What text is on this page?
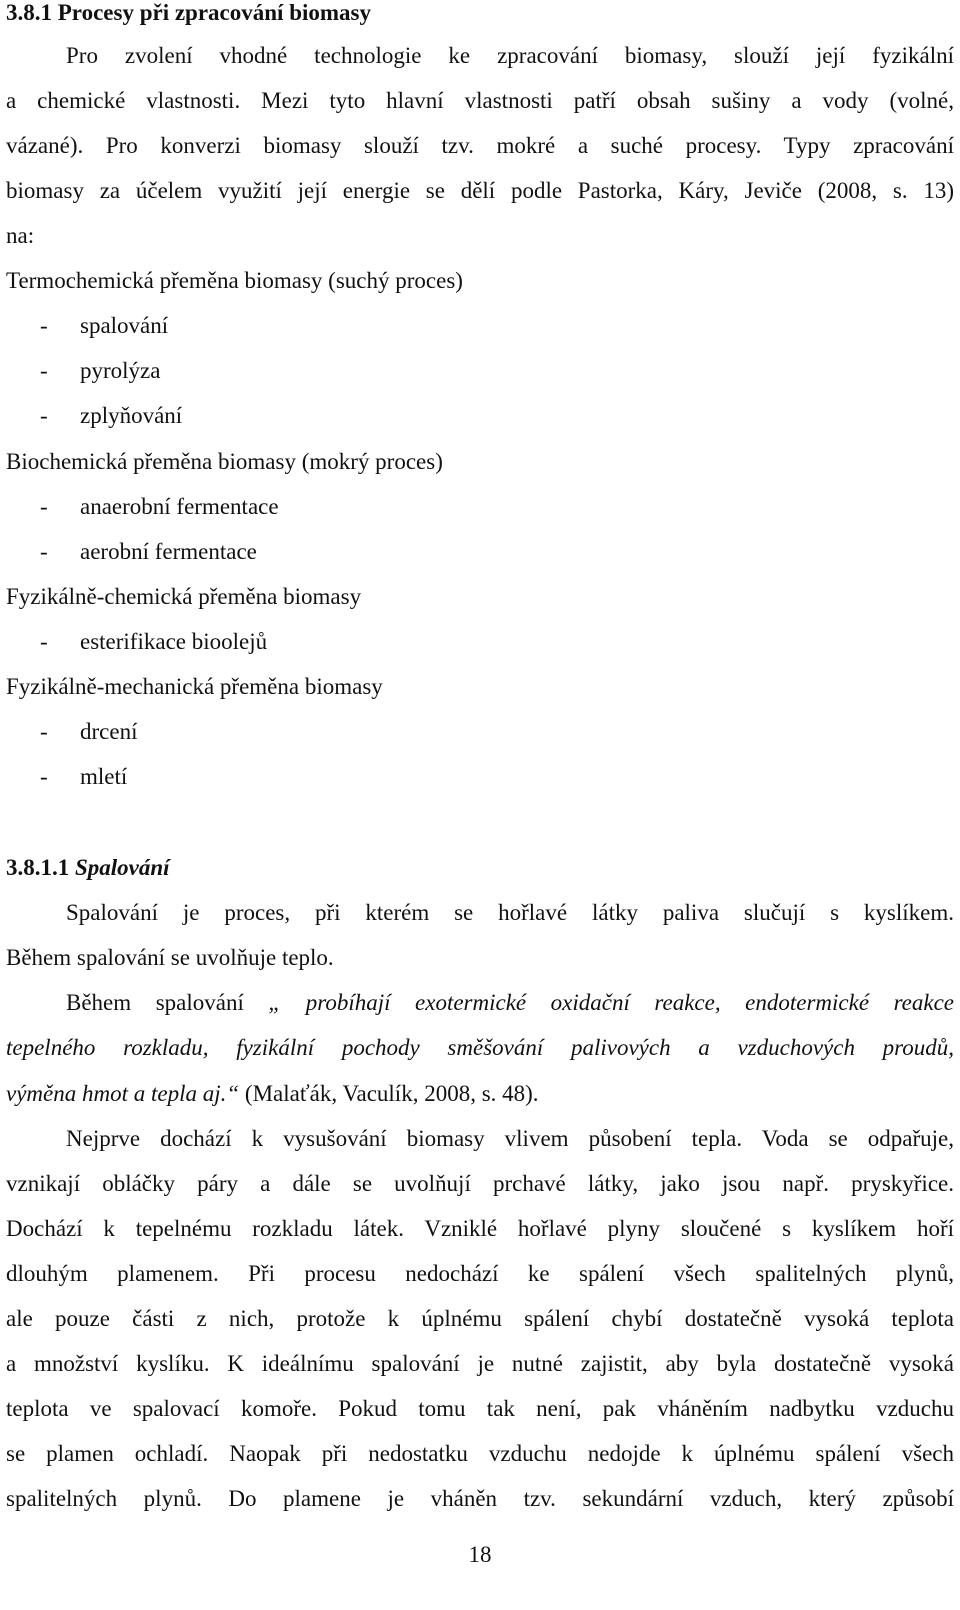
3.8.1 Procesy při zpracování biomasy
Pro zvolení vhodné technologie ke zpracování biomasy, slouží její fyzikální
a chemické vlastnosti. Mezi tyto hlavní vlastnosti patří obsah sušiny a vody (volné,
vázané). Pro konverzi biomasy slouží tzv. mokré a suché procesy. Typy zpracování
biomasy za účelem využití její energie se dělí podle Pastorka, Káry, Jeviče (2008, s. 13)
na:
Termochemická přeměna biomasy (suchý proces)
- spalování
- pyrolýza
- zplyňování
Biochemická přeměna biomasy (mokrý proces)
- anaerobní fermentace
- aerobní fermentace
Fyzikálně-chemická přeměna biomasy
- esterifikace bioolejů
Fyzikálně-mechanická přeměna biomasy
- drcení
- mletí
3.8.1.1 Spalování
Spalování je proces, při kterém se hořlavé látky paliva slučují s kyslíkem.
Během spalování se uvolňuje teplo.
Během spalování „ probíhají exotermické oxidační reakce, endotermické reakce
tepelného rozkladu, fyzikální pochody směšování palivových a vzduchových proudů,
výměna hmot a tepla aj.“ (Malaťák, Vaculík, 2008, s. 48).
Nejprve dochází k vysušování biomasy vlivem působení tepla. Voda se odpařuje,
vznikají obláčky páry a dále se uvolňují prchavé látky, jako jsou např. pryskyřice.
Dochází k tepelnému rozkladu látek. Vzniklé hořlavé plyny sloučené s kyslíkem hoří
dlouhým plamenem. Při procesu nedochází ke spálení všech spalitelných plynů,
ale pouze části z nich, protože k úplnému spálení chybí dostatečně vysoká teplota
a množství kyslíku. K ideálnímu spalování je nutné zajistit, aby byla dostatečně vysoká
teplota ve spalovací komoře. Pokud tomu tak není, pak vháněním nadbytku vzduchu
se plamen ochladí. Naopak při nedostatku vzduchu nedojde k úplnému spálení všech
spalitelných plynů. Do plamene je vháněn tzv. sekundární vzduch, který způsobí
18
